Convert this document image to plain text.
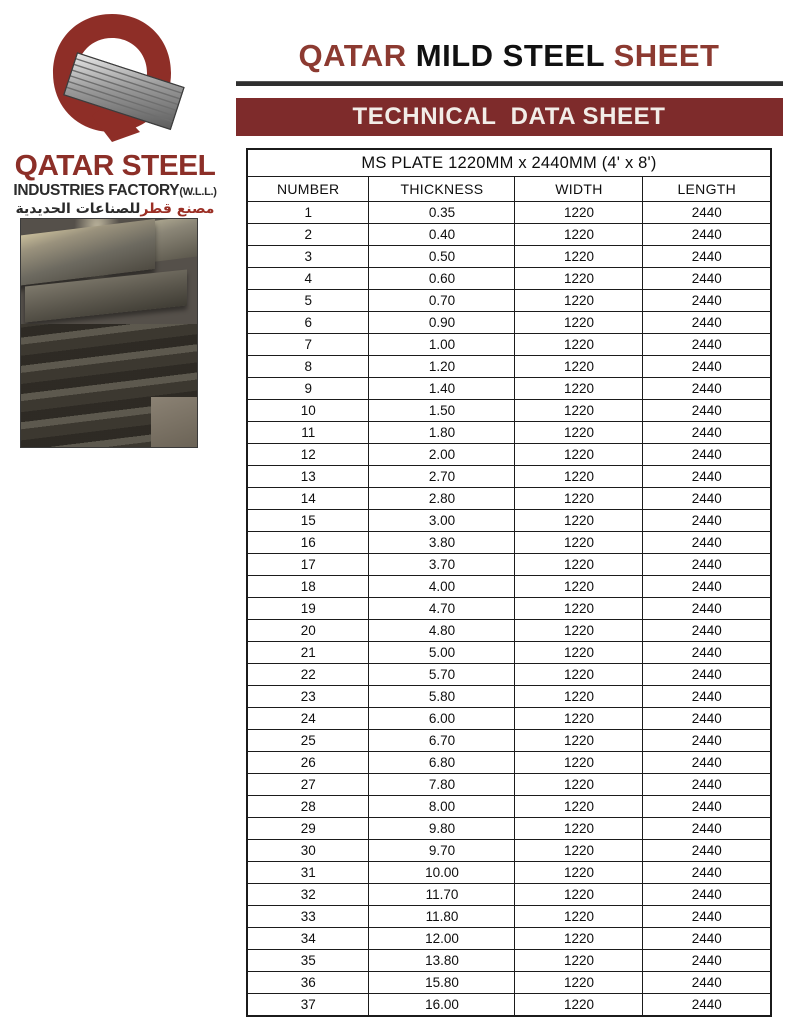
QATAR STEEL
INDUSTRIES FACTORY(W.L.L.)
مصنع قطرللصناعات الحديدية
QATAR MILD STEEL SHEET
TECHNICAL  DATA SHEET
MS PLATE 1220MM x 2440MM (4' x 8')			
NUMBER	THICKNESS	WIDTH	LENGTH
1	0.35	1220	2440
2	0.40	1220	2440
3	0.50	1220	2440
4	0.60	1220	2440
5	0.70	1220	2440
6	0.90	1220	2440
7	1.00	1220	2440
8	1.20	1220	2440
9	1.40	1220	2440
10	1.50	1220	2440
11	1.80	1220	2440
12	2.00	1220	2440
13	2.70	1220	2440
14	2.80	1220	2440
15	3.00	1220	2440
16	3.80	1220	2440
17	3.70	1220	2440
18	4.00	1220	2440
19	4.70	1220	2440
20	4.80	1220	2440
21	5.00	1220	2440
22	5.70	1220	2440
23	5.80	1220	2440
24	6.00	1220	2440
25	6.70	1220	2440
26	6.80	1220	2440
27	7.80	1220	2440
28	8.00	1220	2440
29	9.80	1220	2440
30	9.70	1220	2440
31	10.00	1220	2440
32	11.70	1220	2440
33	11.80	1220	2440
34	12.00	1220	2440
35	13.80	1220	2440
36	15.80	1220	2440
37	16.00	1220	2440
